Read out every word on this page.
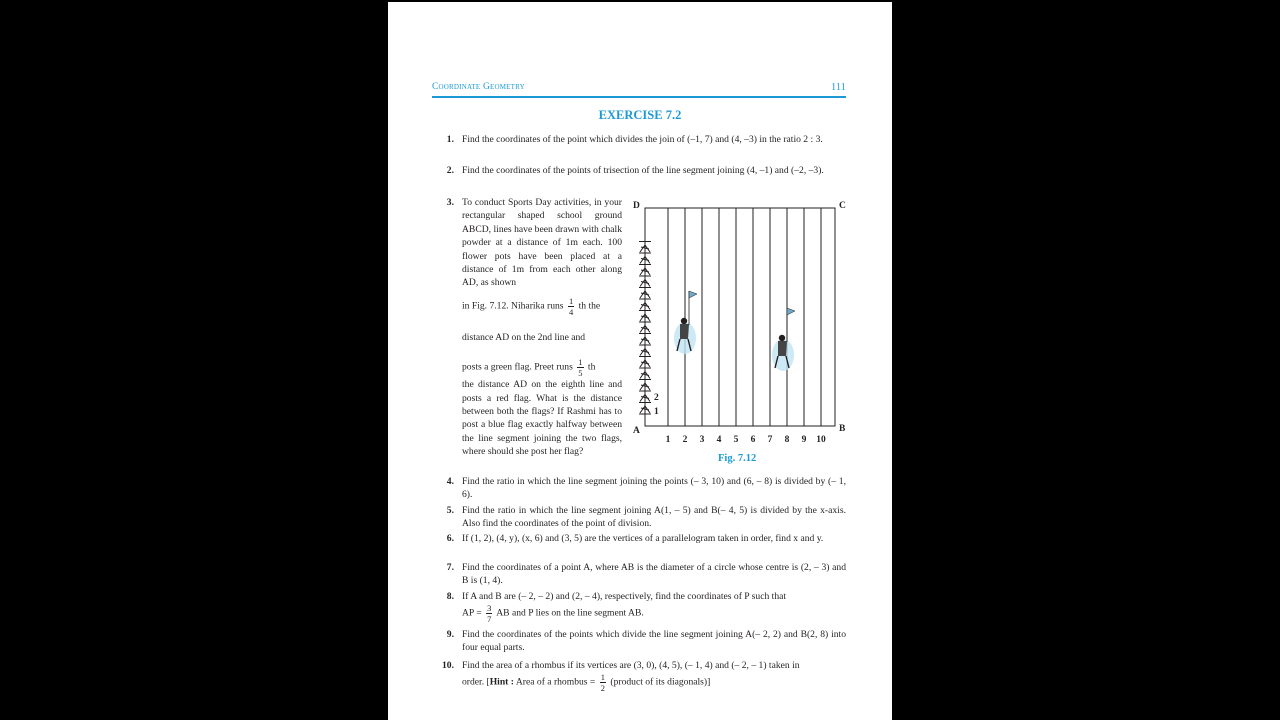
Coordinate Geometry	111
EXERCISE 7.2
1. Find the coordinates of the point which divides the join of (–1, 7) and (4, –3) in the ratio 2 : 3.
2. Find the coordinates of the points of trisection of the line segment joining (4, –1) and (–2, –3).
3. To conduct Sports Day activities, in your rectangular shaped school ground ABCD, lines have been drawn with chalk powder at a distance of 1m each. 100 flower pots have been placed at a distance of 1m from each other along AD, as shown
in Fig. 7.12. Niharika runs $\frac{1}{4}$ th the
distance AD on the 2nd line and
posts a green flag. Preet runs $\frac{1}{5}$ th
the distance AD on the eighth line and posts a red flag. What is the distance between both the flags? If Rashmi has to post a blue flag exactly halfway between the line segment joining the two flags, where should she post her flag?
A	B
C
D
1
2
1 2 3 4 5 6 7 8 9 10
Fig. 7.12
4. Find the ratio in which the line segment joining the points (– 3, 10) and (6, – 8) is divided by (– 1, 6).
5. Find the ratio in which the line segment joining A(1, – 5) and B(– 4, 5) is divided by the x-axis. Also find the coordinates of the point of division.
6. If (1, 2), (4, y), (x, 6) and (3, 5) are the vertices of a parallelogram taken in order, find x and y.
7. Find the coordinates of a point A, where AB is the diameter of a circle whose centre is (2, – 3) and B is (1, 4).
8. If A and B are (– 2, – 2) and (2, – 4), respectively, find the coordinates of P such that
AP = $\frac{3}{7}$ AB and P lies on the line segment AB.
9. Find the coordinates of the points which divide the line segment joining A(– 2, 2) and B(2, 8) into four equal parts.
10. Find the area of a rhombus if its vertices are (3, 0), (4, 5), (– 1, 4) and (– 2, – 1) taken in
order. [Hint : Area of a rhombus = $\frac{1}{2}$ (product of its diagonals)]
